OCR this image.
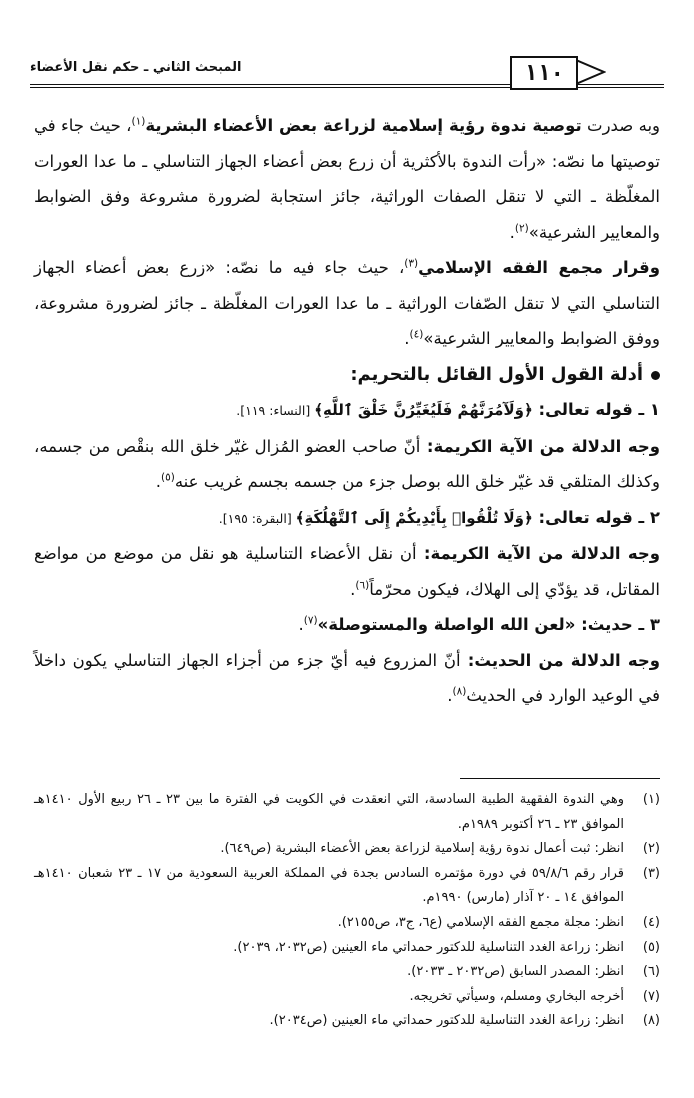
١١٠
المبحث الثاني ـ حكم نقل الأعضاء

وبه صدرت توصية ندوة رؤية إسلامية لزراعة بعض الأعضاء البشرية$^{(١)}$، حيث جاء في توصيتها ما نصّه: «رأت الندوة بالأكثرية أن زرع بعض أعضاء الجهاز التناسلي ـ ما عدا العورات المغلّظة ـ التي لا تنقل الصفات الوراثية، جائز استجابة لضرورة مشروعة وفق الضوابط والمعايير الشرعية»$^{(٢)}$.

وقرار مجمع الفقه الإسلامي$^{(٣)}$، حيث جاء فيه ما نصّه: «زرع بعض أعضاء الجهاز التناسلي التي لا تنقل الصّفات الوراثية ـ ما عدا العورات المغلّظة ـ جائز لضرورة مشروعة، ووفق الضوابط والمعايير الشرعية»$^{(٤)}$.

أدلة القول الأول القائل بالتحريم:

١ ـ قوله تعالى: ﴿وَلَآمُرَنَّهُمْ فَلَيُغَيِّرُنَّ خَلْقَ ٱللَّهِ﴾ [النساء: ١١٩].

وجه الدلالة من الآية الكريمة: أنّ صاحب العضو المُزال غيّر خلق الله بنقْص من جسمه، وكذلك المتلقي قد غيّر خلق الله بوصل جزء من جسمه بجسم غريب عنه$^{(٥)}$.

٢ ـ قوله تعالى: ﴿وَلَا تُلْقُوا۟ بِأَيْدِيكُمْ إِلَى ٱلتَّهْلُكَةِ﴾ [البقرة: ١٩٥].

وجه الدلالة من الآية الكريمة: أن نقل الأعضاء التناسلية هو نقل من موضع من مواضع المقاتل، قد يؤدّي إلى الهلاك، فيكون محرّماً$^{(٦)}$.

٣ ـ حديث: «لعن الله الواصلة والمستوصلة»$^{(٧)}$.

وجه الدلالة من الحديث: أنّ المزروع فيه أيّ جزء من أجزاء الجهاز التناسلي يكون داخلاً في الوعيد الوارد في الحديث$^{(٨)}$.

(١)
وهي الندوة الفقهية الطبية السادسة، التي انعقدت في الكويت في الفترة ما بين ٢٣ ـ ٢٦ ربيع الأول ١٤١٠هـ الموافق ٢٣ ـ ٢٦ أكتوبر ١٩٨٩م.
(٢)
انظر: ثبت أعمال ندوة رؤية إسلامية لزراعة بعض الأعضاء البشرية (ص٦٤٩).
(٣)
قرار رقم ٥٩/٨/٦ في دورة مؤتمره السادس بجدة في المملكة العربية السعودية من ١٧ ـ ٢٣ شعبان ١٤١٠هـ الموافق ١٤ ـ ٢٠ آذار (مارس) ١٩٩٠م.
(٤)
انظر: مجلة مجمع الفقه الإسلامي (ع٦، ج٣، ص٢١٥٥).
(٥)
انظر: زراعة الغدد التناسلية للدكتور حمداتي ماء العينين (ص٢٠٣٢، ٢٠٣٩).
(٦)
انظر: المصدر السابق (ص٢٠٣٢ ـ ٢٠٣٣).
(٧)
أخرجه البخاري ومسلم، وسيأتي تخريجه.
(٨)
انظر: زراعة الغدد التناسلية للدكتور حمداتي ماء العينين (ص٢٠٣٤).
